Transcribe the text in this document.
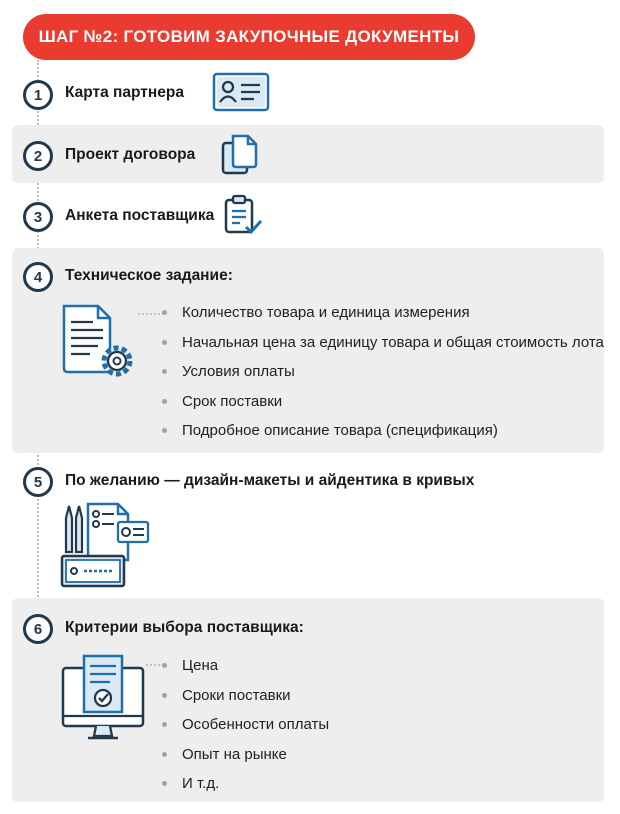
ШАГ №2: ГОТОВИМ ЗАКУПОЧНЫЕ ДОКУМЕНТЫ
1	Карта партнера
2	Проект договора
3	Анкета поставщика
4	Техническое задание:
Количество товара и единица измерения
Начальная цена за единицу товара и общая стоимость лота
Условия оплаты
Срок поставки
Подробное описание товара (спецификация)
5	По желанию — дизайн-макеты и айдентика в кривых
6	Критерии выбора поставщика:
Цена
Сроки поставки
Особенности оплаты
Опыт на рынке
И т.д.
